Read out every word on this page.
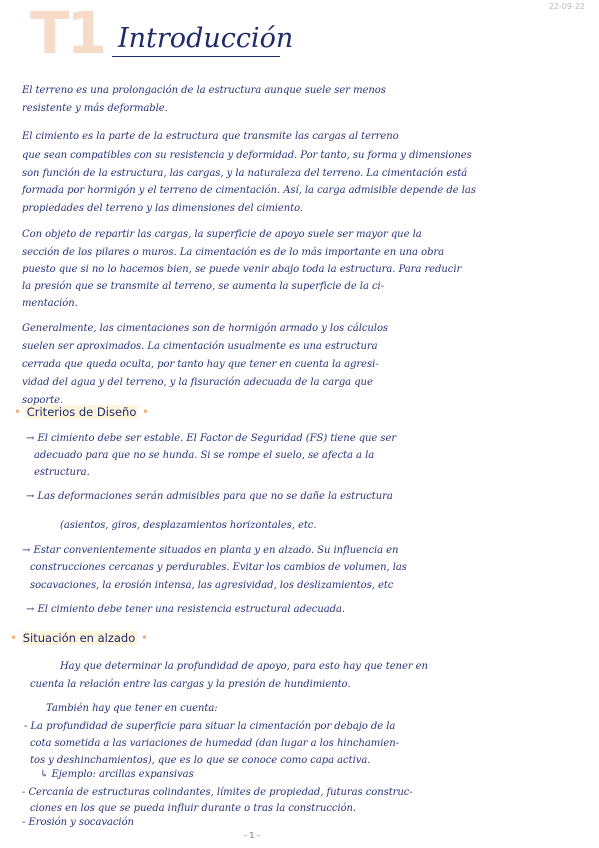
22-09-22
T1 Introducción
El terreno es una prolongación de la estructura aunque suele ser menos
resistente y más deformable.
El cimiento es la parte de la estructura que transmite las cargas al terreno
que sean compatibles con su resistencia y deformidad. Por tanto, su forma y dimensiones
son función de la estructura, las cargas, y la naturaleza del terreno. La cimentación está
formada por hormigón y el terreno de cimentación. Así, la carga admisible depende de las
propiedades del terreno y las dimensiones del cimiento.
Con objeto de repartir las cargas, la superficie de apoyo suele ser mayor que la
sección de los pilares o muros. La cimentación es de lo más importante en una obra
puesto que si no lo hacemos bien, se puede venir abajo toda la estructura. Para reducir
la presión que se transmite al terreno, se aumenta la superficie de la ci-
mentación.
Generalmente, las cimentaciones son de hormigón armado y los cálculos
suelen ser aproximados. La cimentación usualmente es una estructura
cerrada que queda oculta, por tanto hay que tener en cuenta la agresi-
vidad del agua y del terreno, y la fisuración adecuada de la carga que
soporte.
• Criterios de Diseño •
→ El cimiento debe ser estable. El Factor de Seguridad (FS) tiene que ser
adecuado para que no se hunda. Si se rompe el suelo, se afecta a la
estructura.
→ Las deformaciones serán admisibles para que no se dañe la estructura
(asientos, giros, desplazamientos horizontales, etc.
→ Estar convenientemente situados en planta y en alzado. Su influencia en
construcciones cercanas y perdurables. Evitar los cambios de volumen, las
socavaciones, la erosión intensa, las agresividad, los deslizamientos, etc
→ El cimiento debe tener una resistencia estructural adecuada.
• Situación en alzado •
Hay que determinar la profundidad de apoyo, para esto hay que tener en
cuenta la relación entre las cargas y la presión de hundimiento.
También hay que tener en cuenta:
- La profundidad de superficie para situar la cimentación por debajo de la
cota sometida a las variaciones de humedad (dan lugar a los hinchamien-
tos y deshinchamientos), que es lo que se conoce como capa activa.
↳ Ejemplo: arcillas expansivas
- Cercanía de estructuras colindantes, límites de propiedad, futuras construc-
ciones en los que se pueda influir durante o tras la construcción.
- Erosión y socavación
- 1 -
